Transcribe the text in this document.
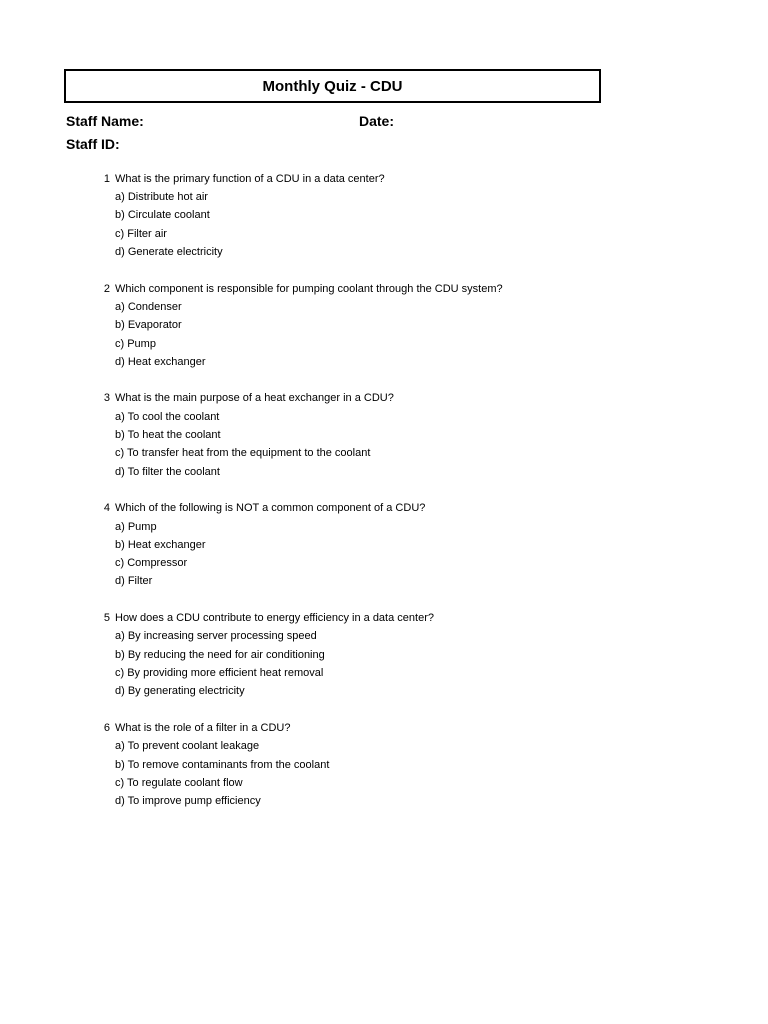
Monthly Quiz - CDU
Staff Name:	Date:
Staff ID:
1 What is the primary function of a CDU in a data center?
a) Distribute hot air
b) Circulate coolant
c) Filter air
d) Generate electricity
2 Which component is responsible for pumping coolant through the CDU system?
a) Condenser
b) Evaporator
c) Pump
d) Heat exchanger
3 What is the main purpose of a heat exchanger in a CDU?
a) To cool the coolant
b) To heat the coolant
c) To transfer heat from the equipment to the coolant
d) To filter the coolant
4 Which of the following is NOT a common component of a CDU?
a) Pump
b) Heat exchanger
c) Compressor
d) Filter
5 How does a CDU contribute to energy efficiency in a data center?
a) By increasing server processing speed
b) By reducing the need for air conditioning
c) By providing more efficient heat removal
d) By generating electricity
6 What is the role of a filter in a CDU?
a) To prevent coolant leakage
b) To remove contaminants from the coolant
c) To regulate coolant flow
d) To improve pump efficiency
